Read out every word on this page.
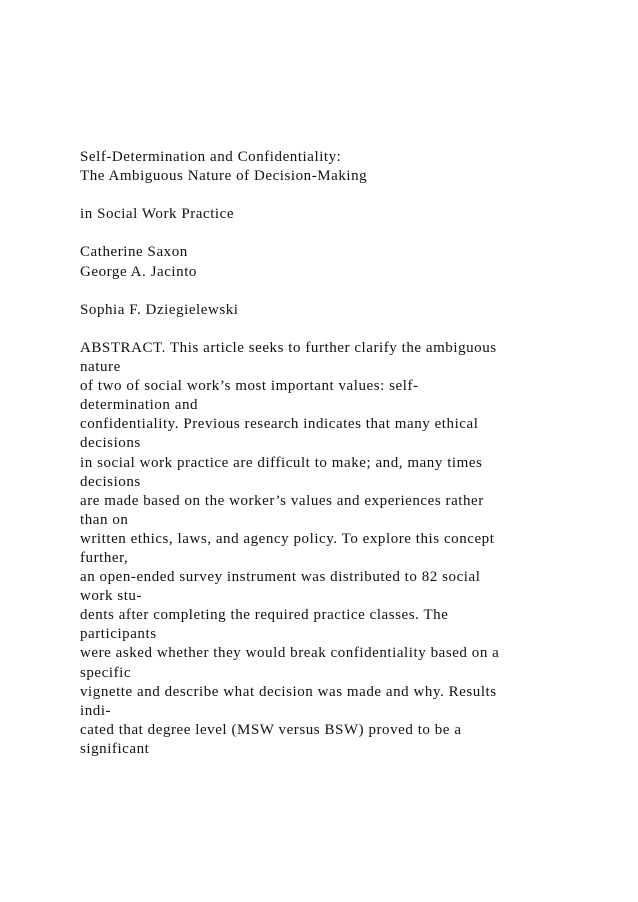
Self-Determination and Confidentiality:
The Ambiguous Nature of Decision-Making
in Social Work Practice
Catherine Saxon
George A. Jacinto
Sophia F. Dziegielewski
ABSTRACT. This article seeks to further clarify the ambiguous
nature
of two of social work’s most important values: self-
determination and
confidentiality. Previous research indicates that many ethical
decisions
in social work practice are difficult to make; and, many times
decisions
are made based on the worker’s values and experiences rather
than on
written ethics, laws, and agency policy. To explore this concept
further,
an open-ended survey instrument was distributed to 82 social
work stu-
dents after completing the required practice classes. The
participants
were asked whether they would break confidentiality based on a
specific
vignette and describe what decision was made and why. Results
indi-
cated that degree level (MSW versus BSW) proved to be a
significant
